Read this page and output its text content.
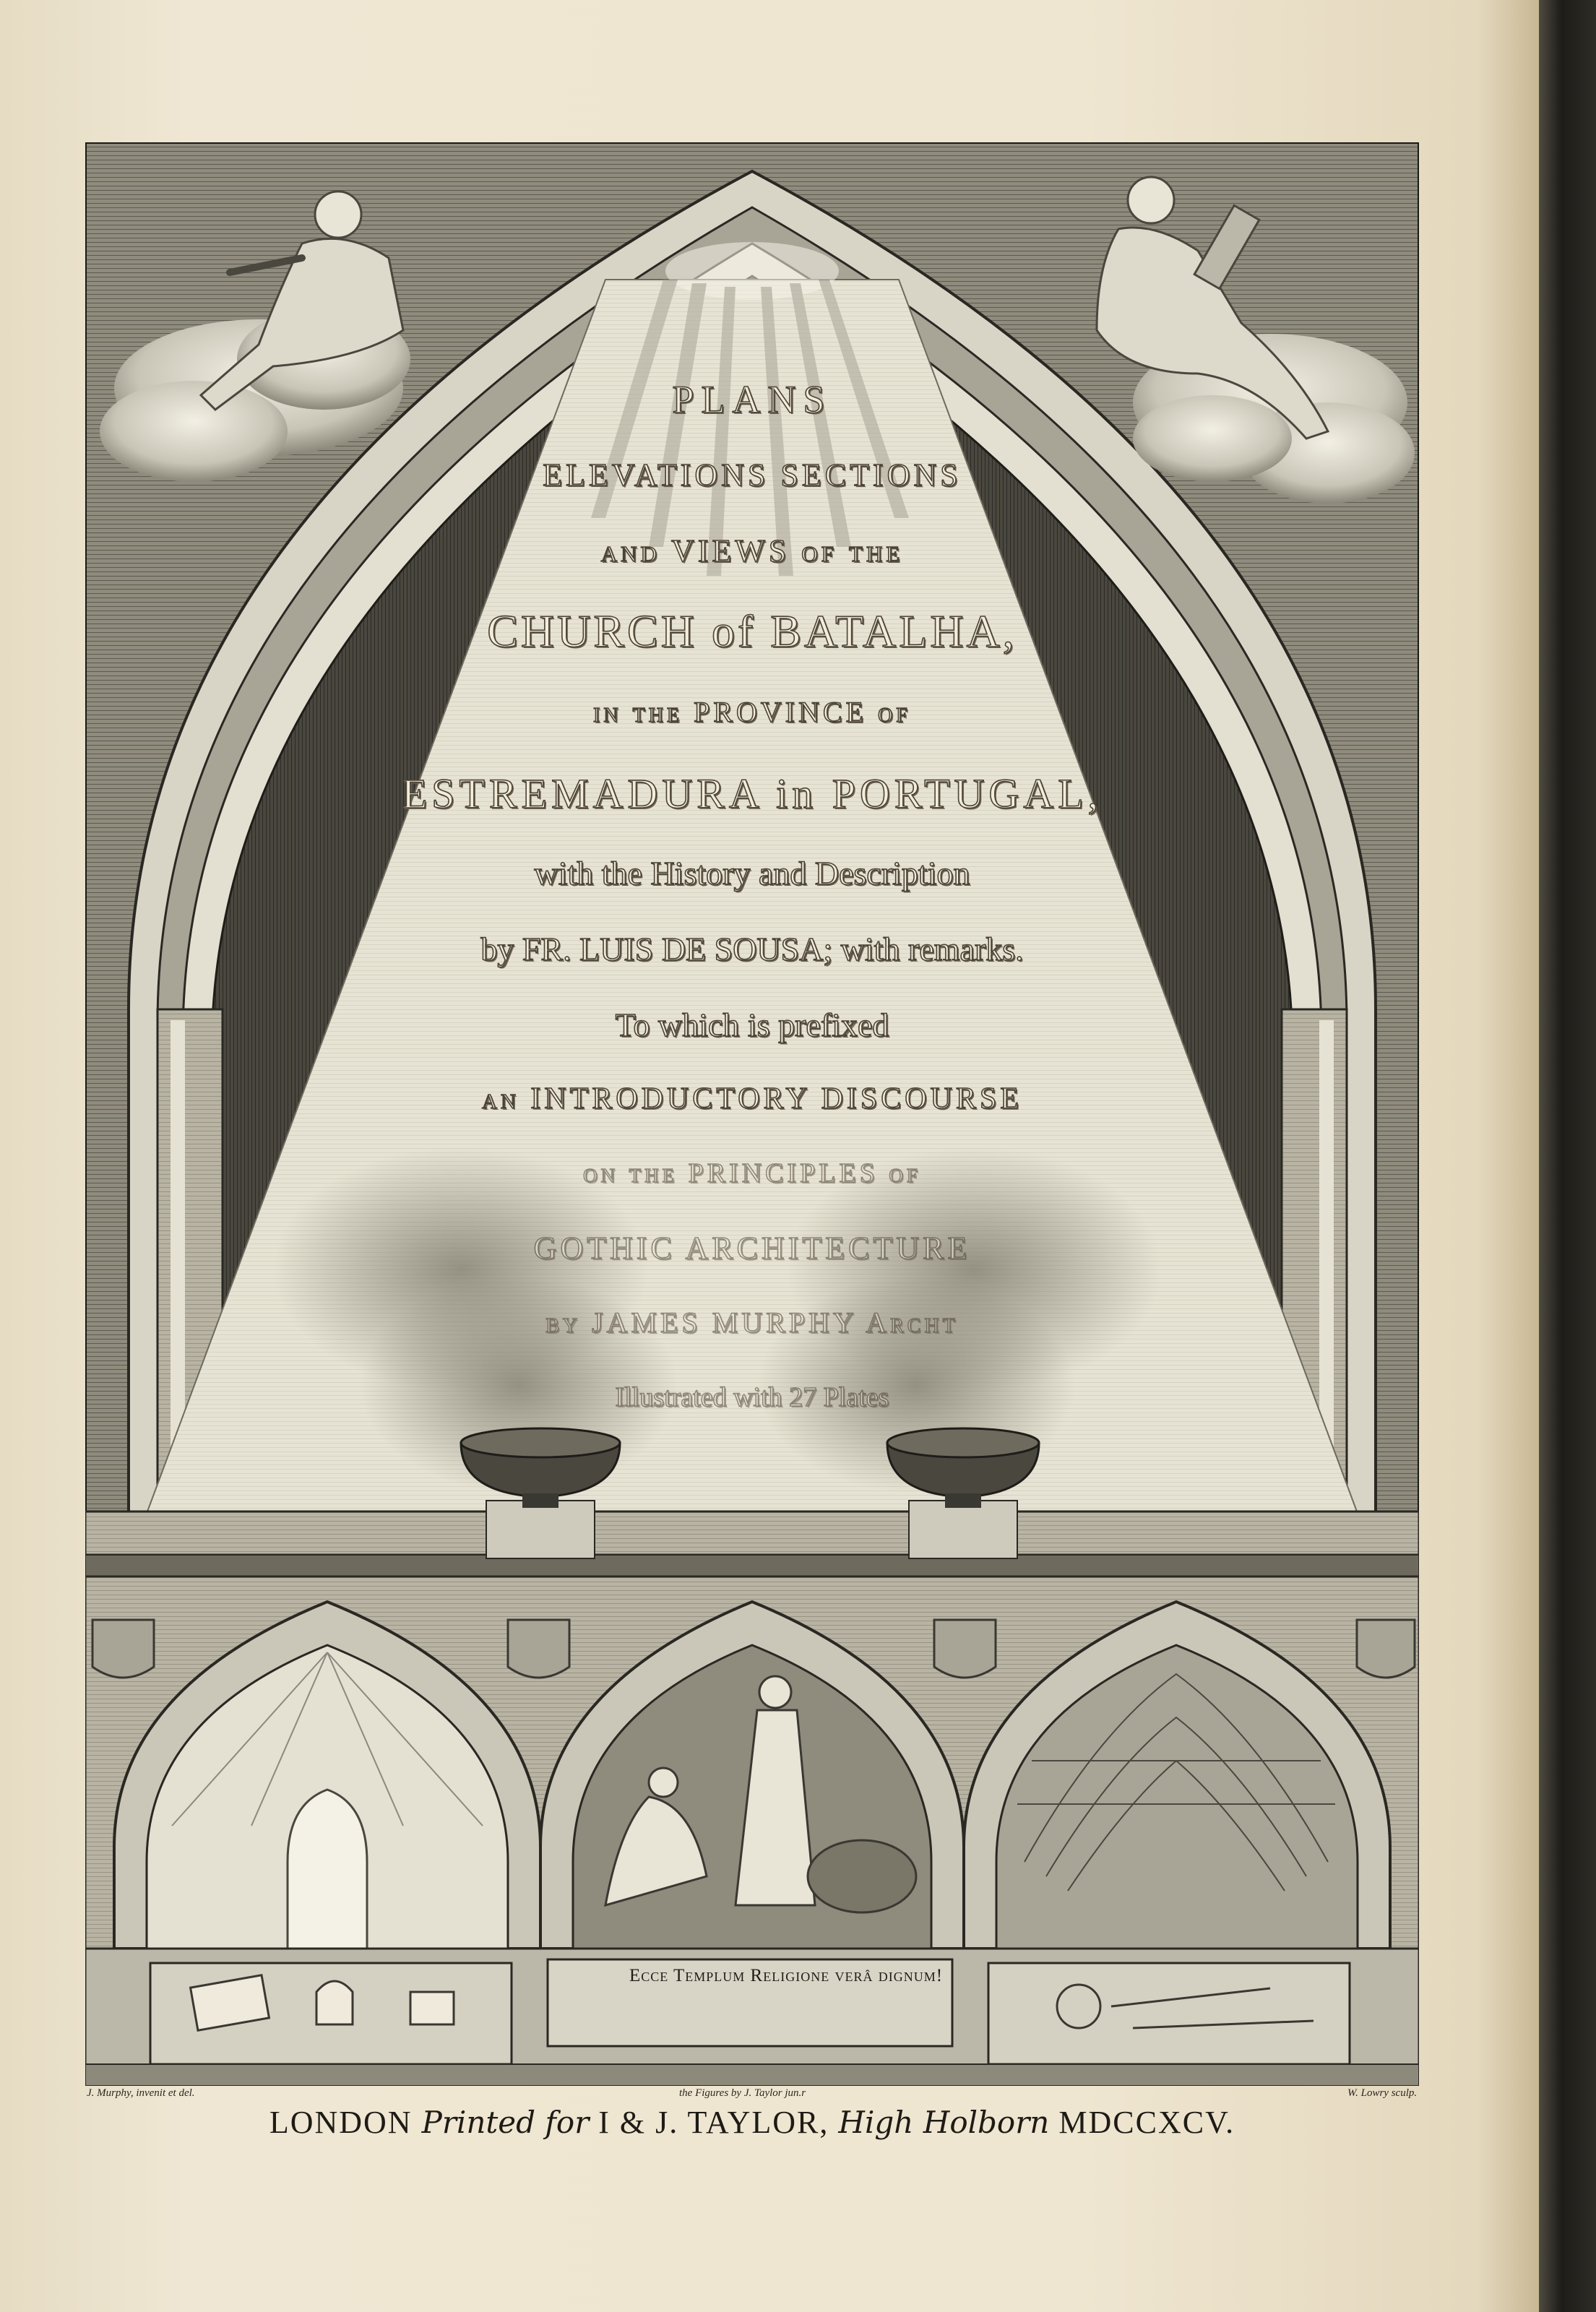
PLANS
ELEVATIONS SECTIONS
and VIEWS of the
CHURCH of BATALHA,
in the PROVINCE of
ESTREMADURA in PORTUGAL,
with the History and Description
by FR. LUIS DE SOUSA; with remarks.
To which is prefixed
an INTRODUCTORY DISCOURSE
on the PRINCIPLES of
GOTHIC ARCHITECTURE
by JAMES MURPHY Archt
Illustrated with 27 Plates
Ecce Templum Religione verâ dignum!
J. Murphy, invenit et del.	the Figures by J. Taylor jun.r	W. Lowry sculp.
LONDON Printed for I & J. TAYLOR, High Holborn MDCCXCV.
